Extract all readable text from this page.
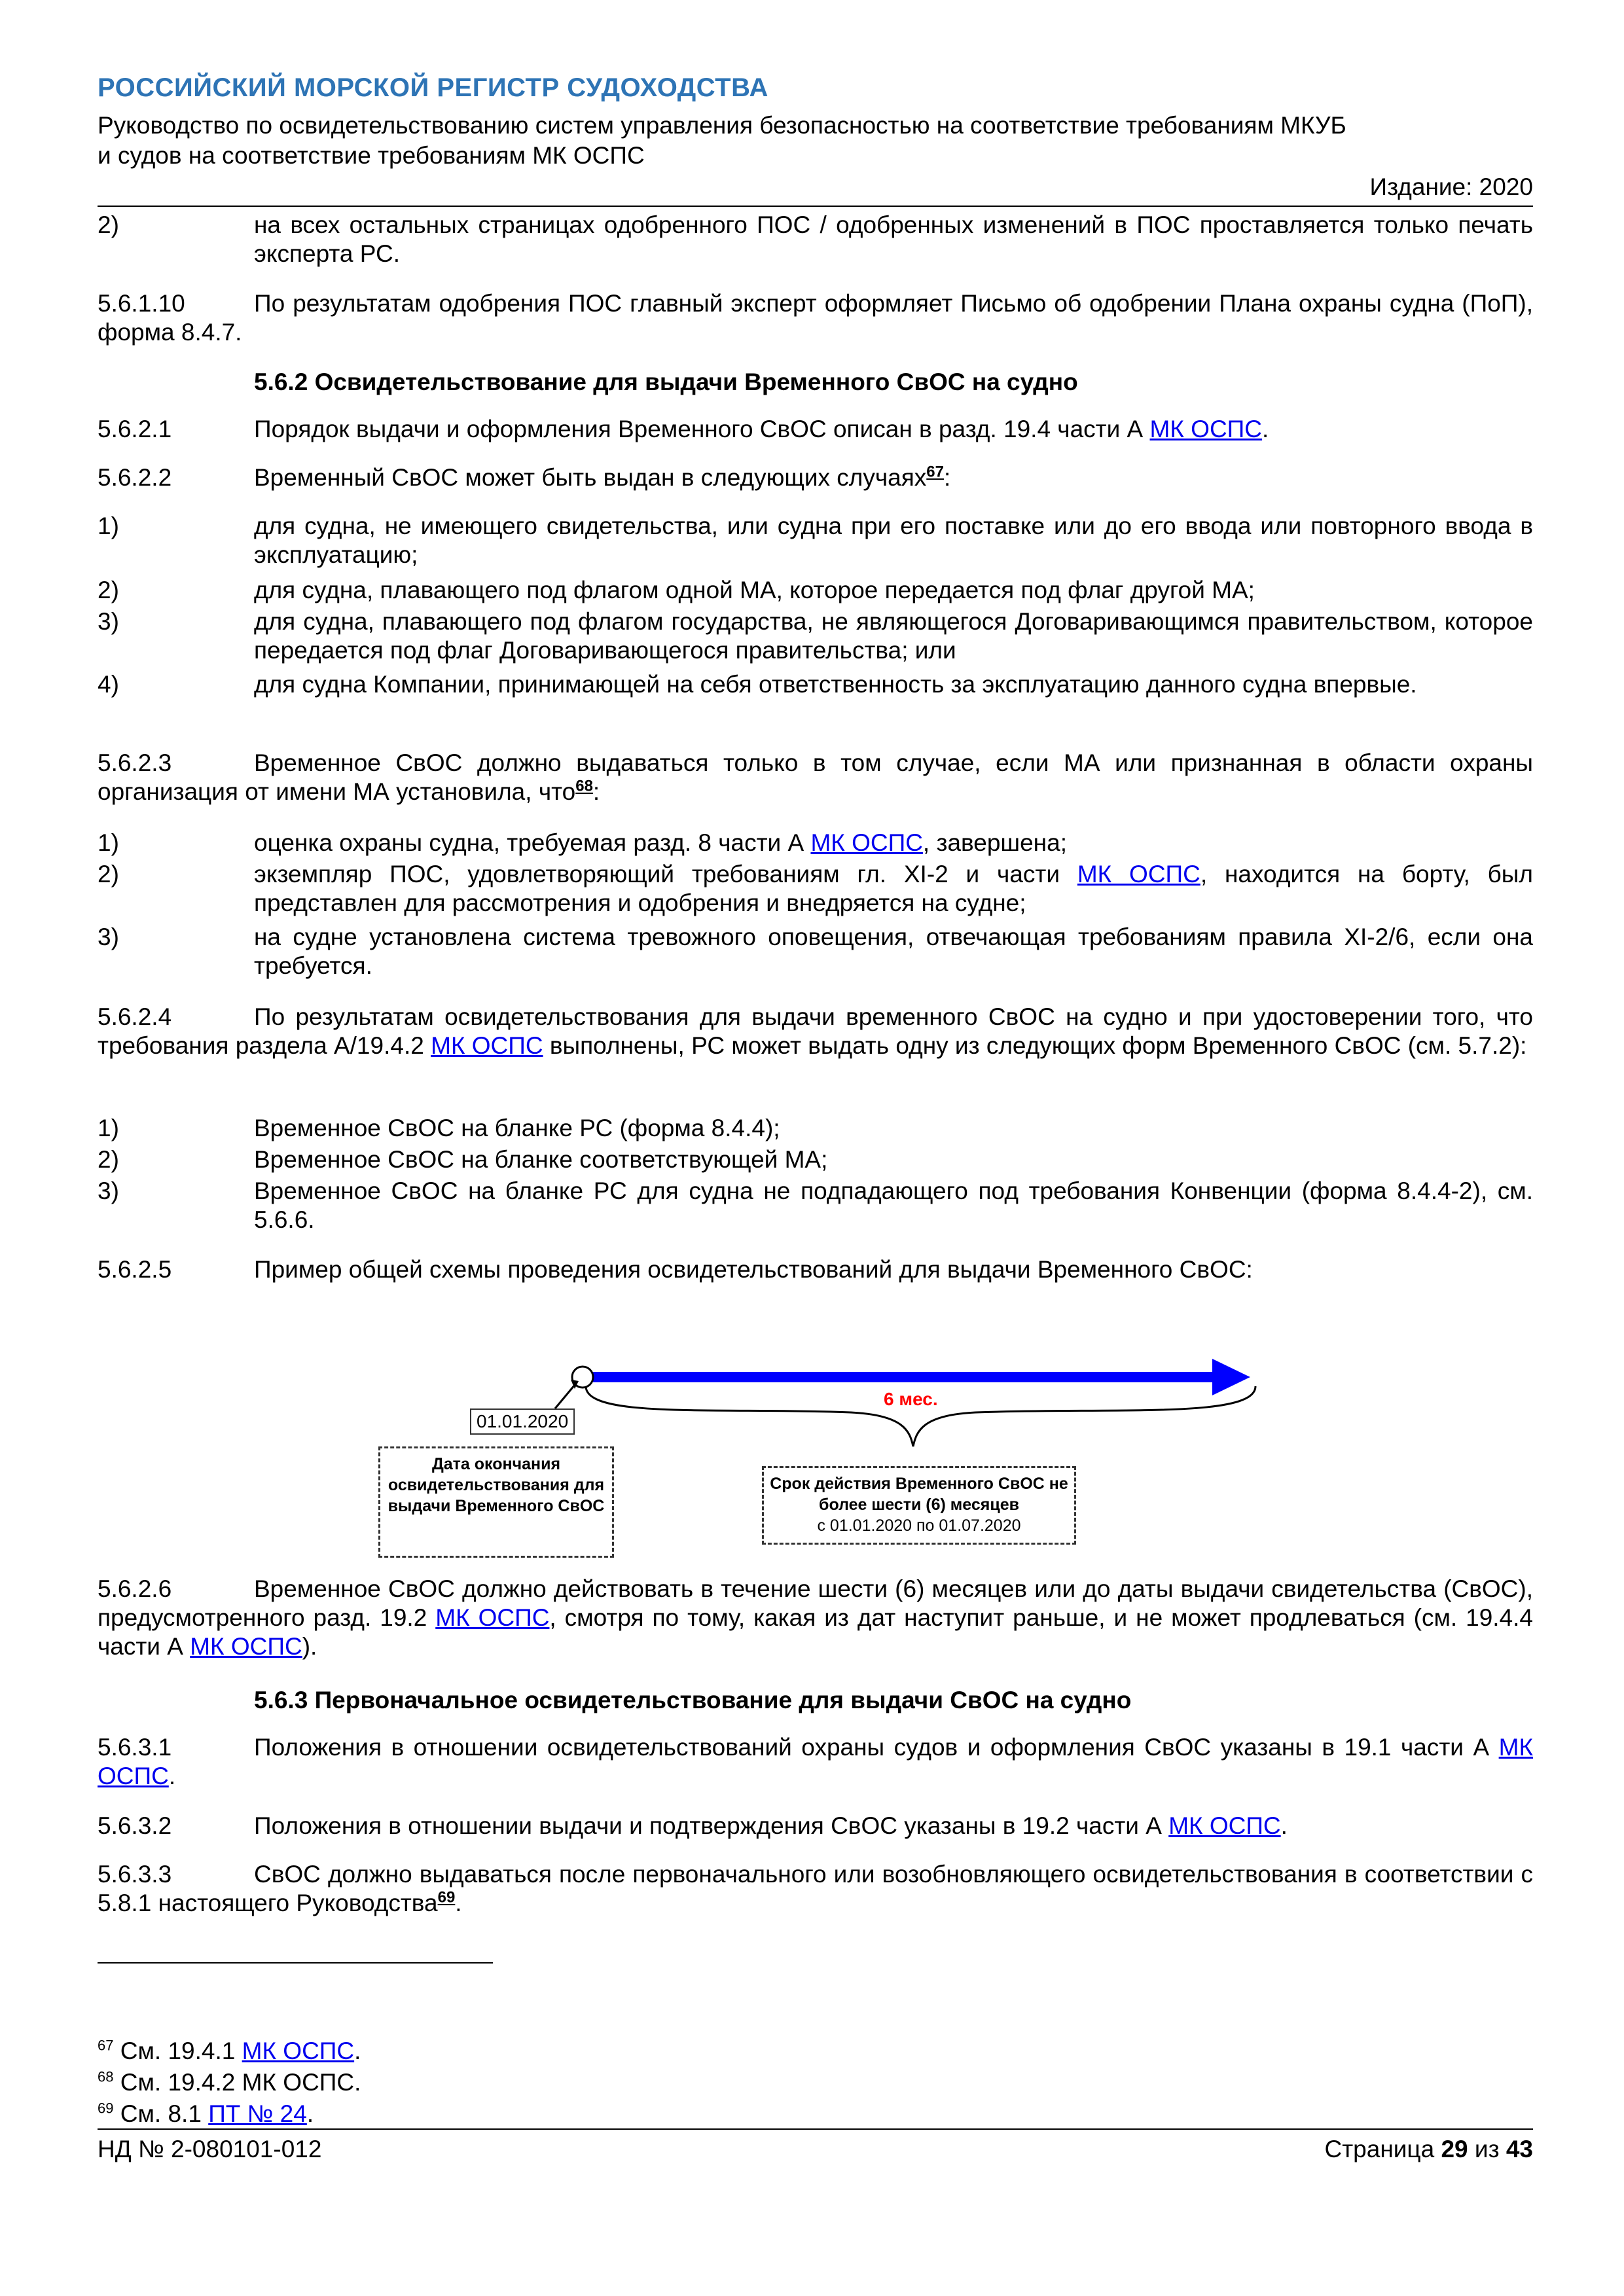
РОССИЙСКИЙ МОРСКОЙ РЕГИСТР СУДОХОДСТВА
Руководство по освидетельствованию систем управления безопасностью на соответствие требованиям МКУБ
и судов на соответствие требованиям МК ОСПС
Издание: 2020
2)	на всех остальных страницах одобренного ПОС / одобренных изменений в ПОС проставляется только печать эксперта РС.
5.6.1.10	По результатам одобрения ПОС главный эксперт оформляет Письмо об одобрении Плана охраны судна (ПоП), форма 8.4.7.
5.6.2 Освидетельствование для выдачи Временного СвОС на судно
5.6.2.1	Порядок выдачи и оформления Временного СвОС описан в разд. 19.4 части А МК ОСПС.
5.6.2.2	Временный СвОС может быть выдан в следующих случаях$^{67}$:
1)	для судна, не имеющего свидетельства, или судна при его поставке или до его ввода или повторного ввода в эксплуатацию;
2)	для судна, плавающего под флагом одной МА, которое передается под флаг другой МА;
3)	для судна, плавающего под флагом государства, не являющегося Договаривающимся правительством, которое передается под флаг Договаривающегося правительства; или
4)	для судна Компании, принимающей на себя ответственность за эксплуатацию данного судна впервые.
5.6.2.3	Временное СвОС должно выдаваться только в том случае, если МА или признанная в области охраны организация от имени МА установила, что$^{68}$:
1)	оценка охраны судна, требуемая разд. 8 части А МК ОСПС, завершена;
2)	экземпляр ПОС, удовлетворяющий требованиям гл. XI-2 и части МК ОСПС, находится на борту, был представлен для рассмотрения и одобрения и внедряется на судне;
3)	на судне установлена система тревожного оповещения, отвечающая требованиям правила XI-2/6, если она требуется.
5.6.2.4	По результатам освидетельствования для выдачи временного СвОС на судно и при удостоверении того, что требования раздела А/19.4.2 МК ОСПС выполнены, РС может выдать одну из следующих форм Временного СвОС (см. 5.7.2):
1)	Временное СвОС на бланке РС (форма 8.4.4);
2)	Временное СвОС на бланке соответствующей МА;
3)	Временное СвОС на бланке РС для судна не подпадающего под требования Конвенции (форма 8.4.4-2), см. 5.6.6.
5.6.2.5	Пример общей схемы проведения освидетельствований для выдачи Временного СвОС:
01.01.2020
6 мес.
Дата окончания освидетельствования для выдачи Временного СвОС
Срок действия Временного СвОС не более шести (6) месяцев
с 01.01.2020 по 01.07.2020
5.6.2.6	Временное СвОС должно действовать в течение шести (6) месяцев или до даты выдачи свидетельства (СвОС), предусмотренного разд. 19.2 МК ОСПС, смотря по тому, какая из дат наступит раньше, и не может продлеваться (см. 19.4.4 части А МК ОСПС).
5.6.3 Первоначальное освидетельствование для выдачи СвОС на судно
5.6.3.1	Положения в отношении освидетельствований охраны судов и оформления СвОС указаны в 19.1 части А МК ОСПС.
5.6.3.2	Положения в отношении выдачи и подтверждения СвОС указаны в 19.2 части А МК ОСПС.
5.6.3.3	СвОС должно выдаваться после первоначального или возобновляющего освидетельствования в соответствии с 5.8.1 настоящего Руководства$^{69}$.
$^{67}$ См. 19.4.1 МК ОСПС.
$^{68}$ См. 19.4.2 МК ОСПС.
$^{69}$ См. 8.1 ПТ № 24.
НД № 2-080101-012	Страница 29 из 43
